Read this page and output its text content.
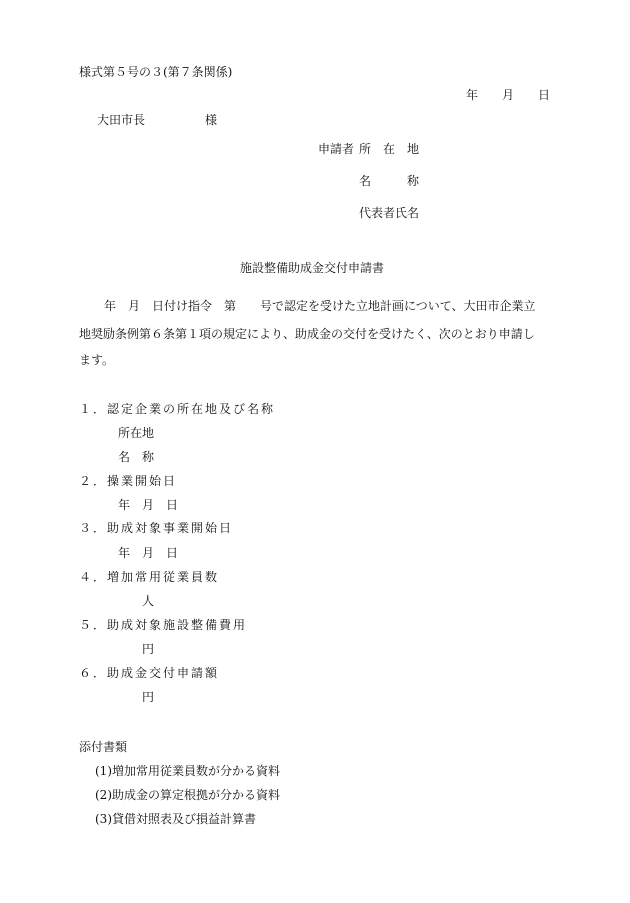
様式第５号の３(第７条関係)

年　　月　　日

大田市長　　　　　様

申請者 所　在　地

名　　　称

代表者氏名

施設整備助成金交付申請書

年　月　日付け指令　第　　号で認定を受けた立地計画について、大田市企業立

地奨励条例第６条第１項の規定により、助成金の交付を受けたく、次のとおり申請し

ます。

１．認定企業の所在地及び名称

所在地

名　称

２．操業開始日

年　月　日

３．助成対象事業開始日

年　月　日

４．増加常用従業員数

人

５．助成対象施設整備費用

円

６．助成金交付申請額

円

添付書類

(1)増加常用従業員数が分かる資料

(2)助成金の算定根拠が分かる資料

(3)貸借対照表及び損益計算書
